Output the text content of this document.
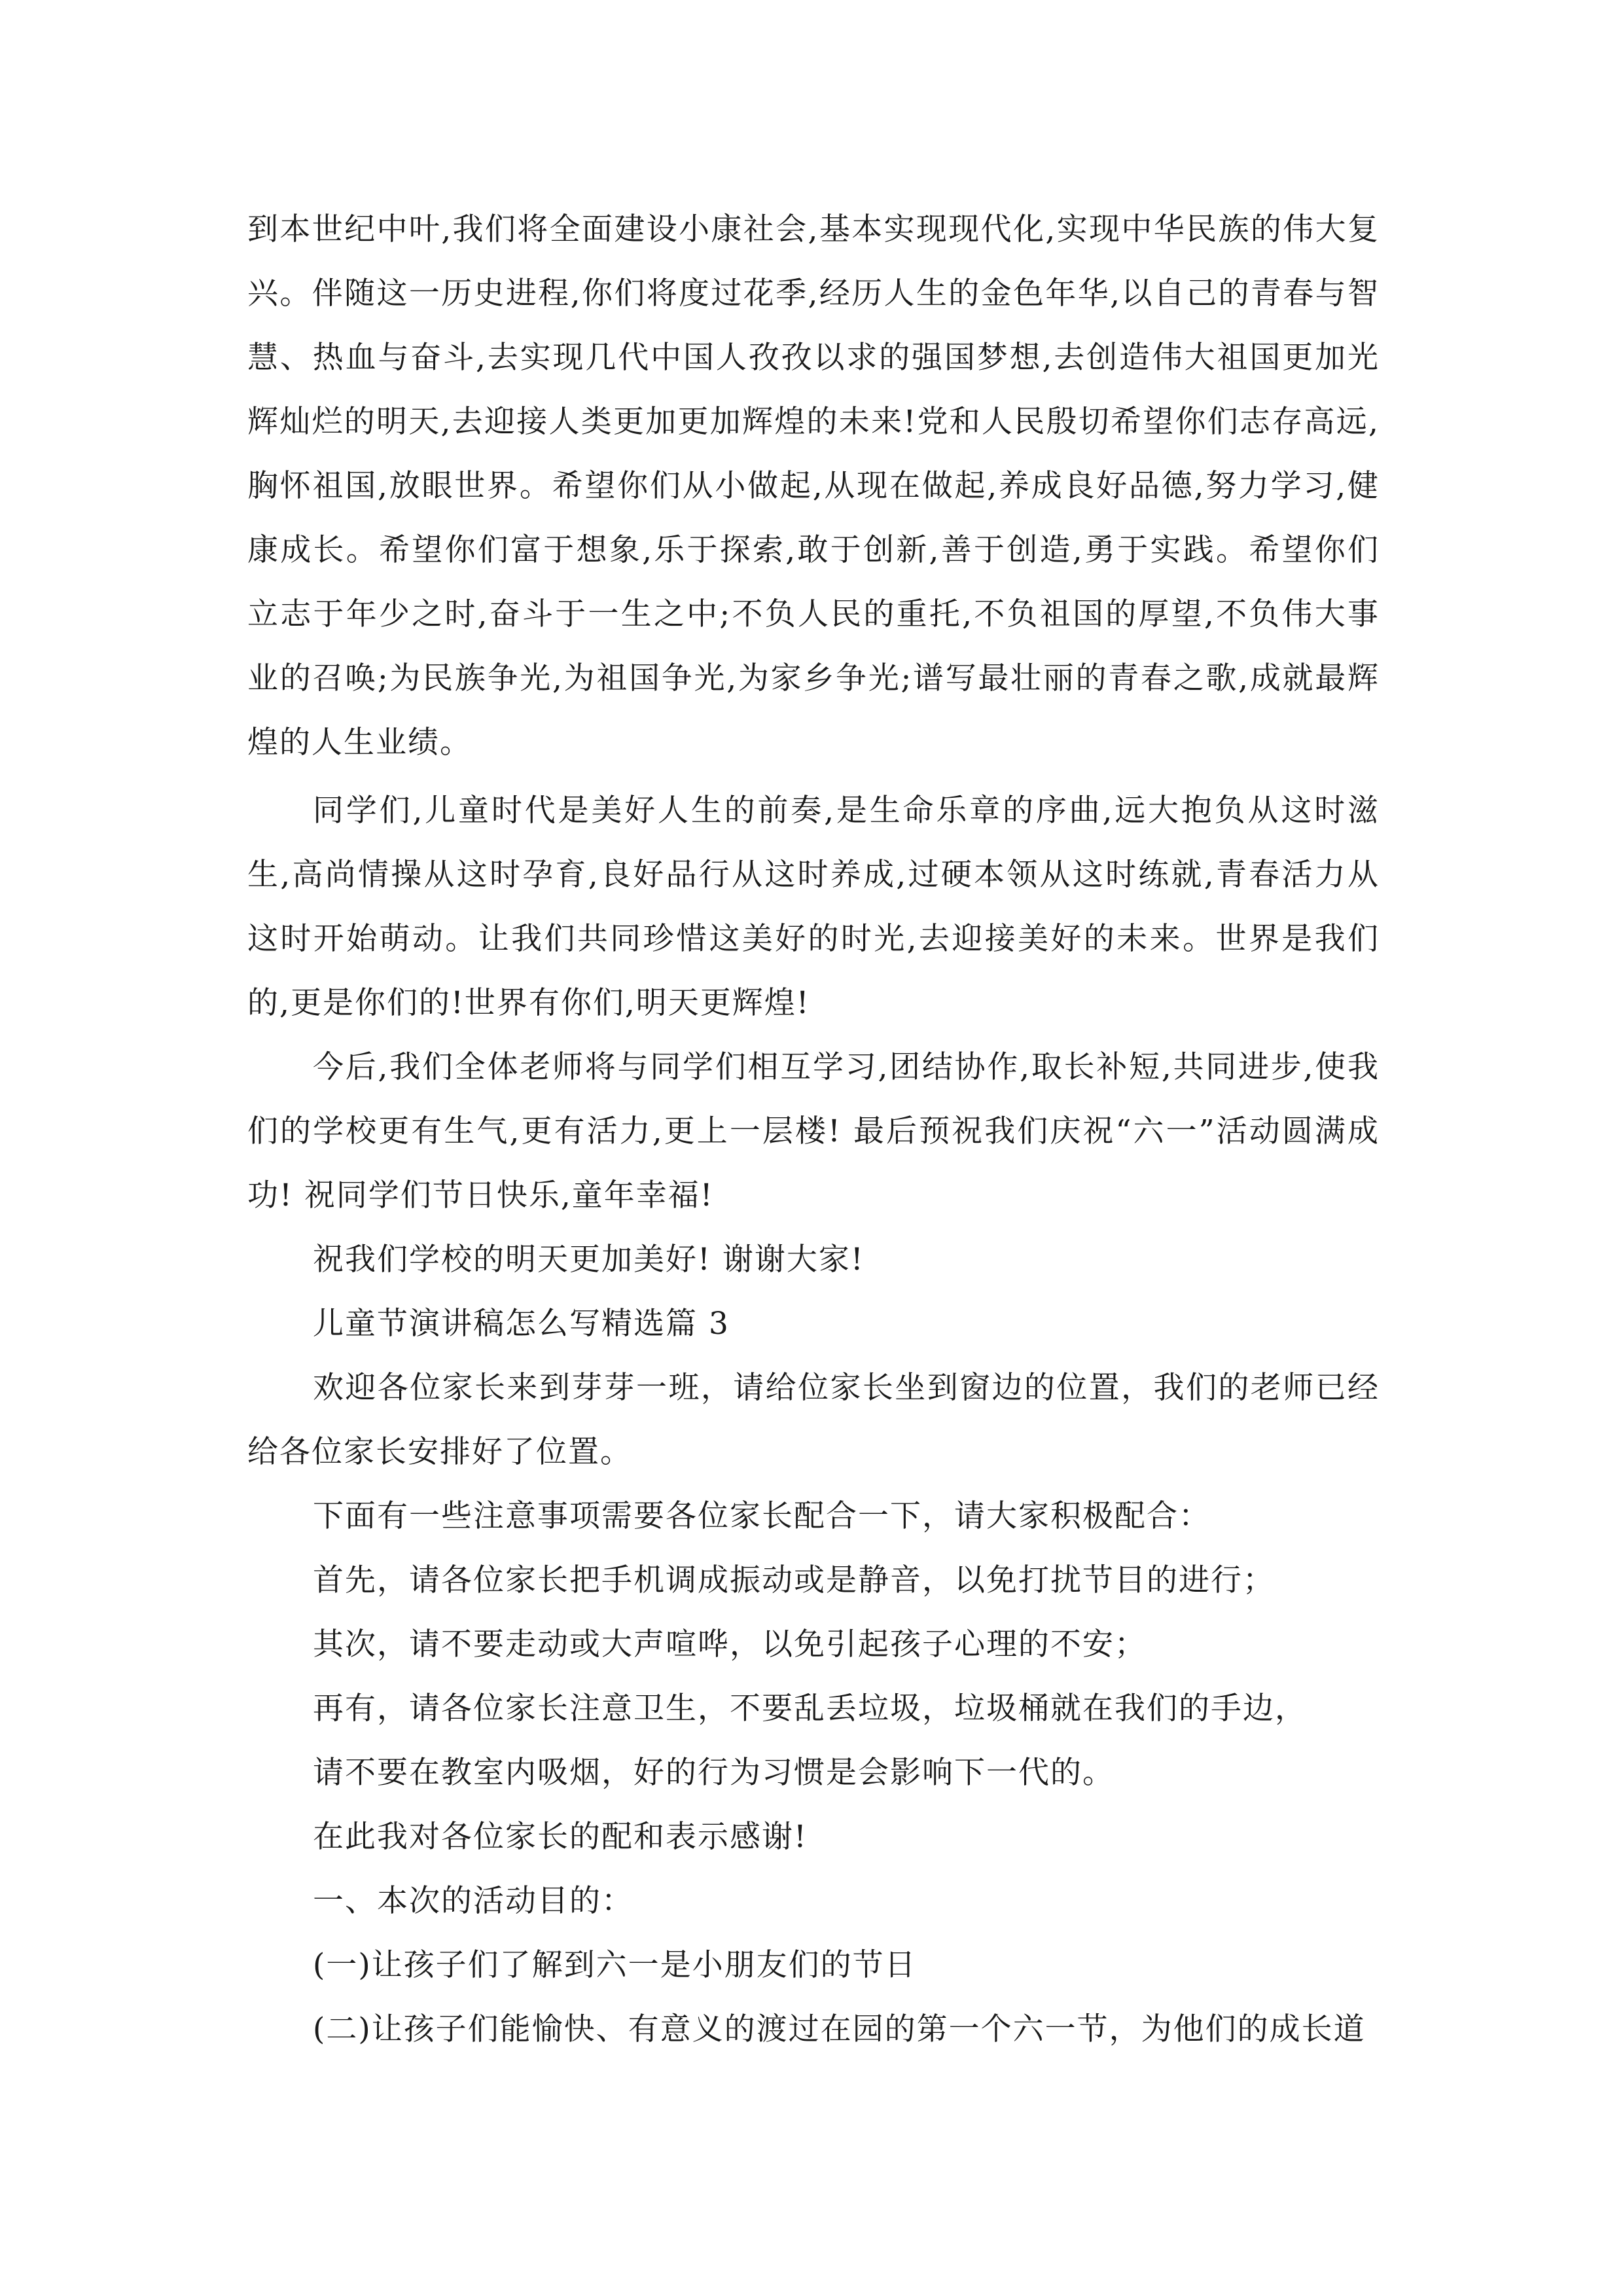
到本世纪中叶,我们将全面建设小康社会,基本实现现代化,实现中华民族的伟大复兴。伴随这一历史进程,你们将度过花季,经历人生的金色年华,以自己的青春与智慧、热血与奋斗,去实现几代中国人孜孜以求的强国梦想,去创造伟大祖国更加光辉灿烂的明天,去迎接人类更加更加辉煌的未来!党和人民殷切希望你们志存高远,胸怀祖国,放眼世界。希望你们从小做起,从现在做起,养成良好品德,努力学习,健康成长。希望你们富于想象,乐于探索,敢于创新,善于创造,勇于实践。希望你们立志于年少之时,奋斗于一生之中;不负人民的重托,不负祖国的厚望,不负伟大事业的召唤;为民族争光,为祖国争光,为家乡争光;谱写最壮丽的青春之歌,成就最辉煌的人生业绩。

同学们,儿童时代是美好人生的前奏,是生命乐章的序曲,远大抱负从这时滋生,高尚情操从这时孕育,良好品行从这时养成,过硬本领从这时练就,青春活力从这时开始萌动。让我们共同珍惜这美好的时光,去迎接美好的未来。世界是我们的,更是你们的!世界有你们,明天更辉煌!

今后,我们全体老师将与同学们相互学习,团结协作,取长补短,共同进步,使我们的学校更有生气,更有活力,更上一层楼! 最后预祝我们庆祝“六一”活动圆满成功! 祝同学们节日快乐,童年幸福!

祝我们学校的明天更加美好! 谢谢大家!

儿童节演讲稿怎么写精选篇 3

欢迎各位家长来到芽芽一班，请给位家长坐到窗边的位置，我们的老师已经给各位家长安排好了位置。

下面有一些注意事项需要各位家长配合一下，请大家积极配合：

首先，请各位家长把手机调成振动或是静音，以免打扰节目的进行；

其次，请不要走动或大声喧哗，以免引起孩子心理的不安；

再有，请各位家长注意卫生，不要乱丢垃圾，垃圾桶就在我们的手边，

请不要在教室内吸烟，好的行为习惯是会影响下一代的。

在此我对各位家长的配和表示感谢!

一、本次的活动目的：

(一)让孩子们了解到六一是小朋友们的节日

(二)让孩子们能愉快、有意义的渡过在园的第一个六一节，为他们的成长道
